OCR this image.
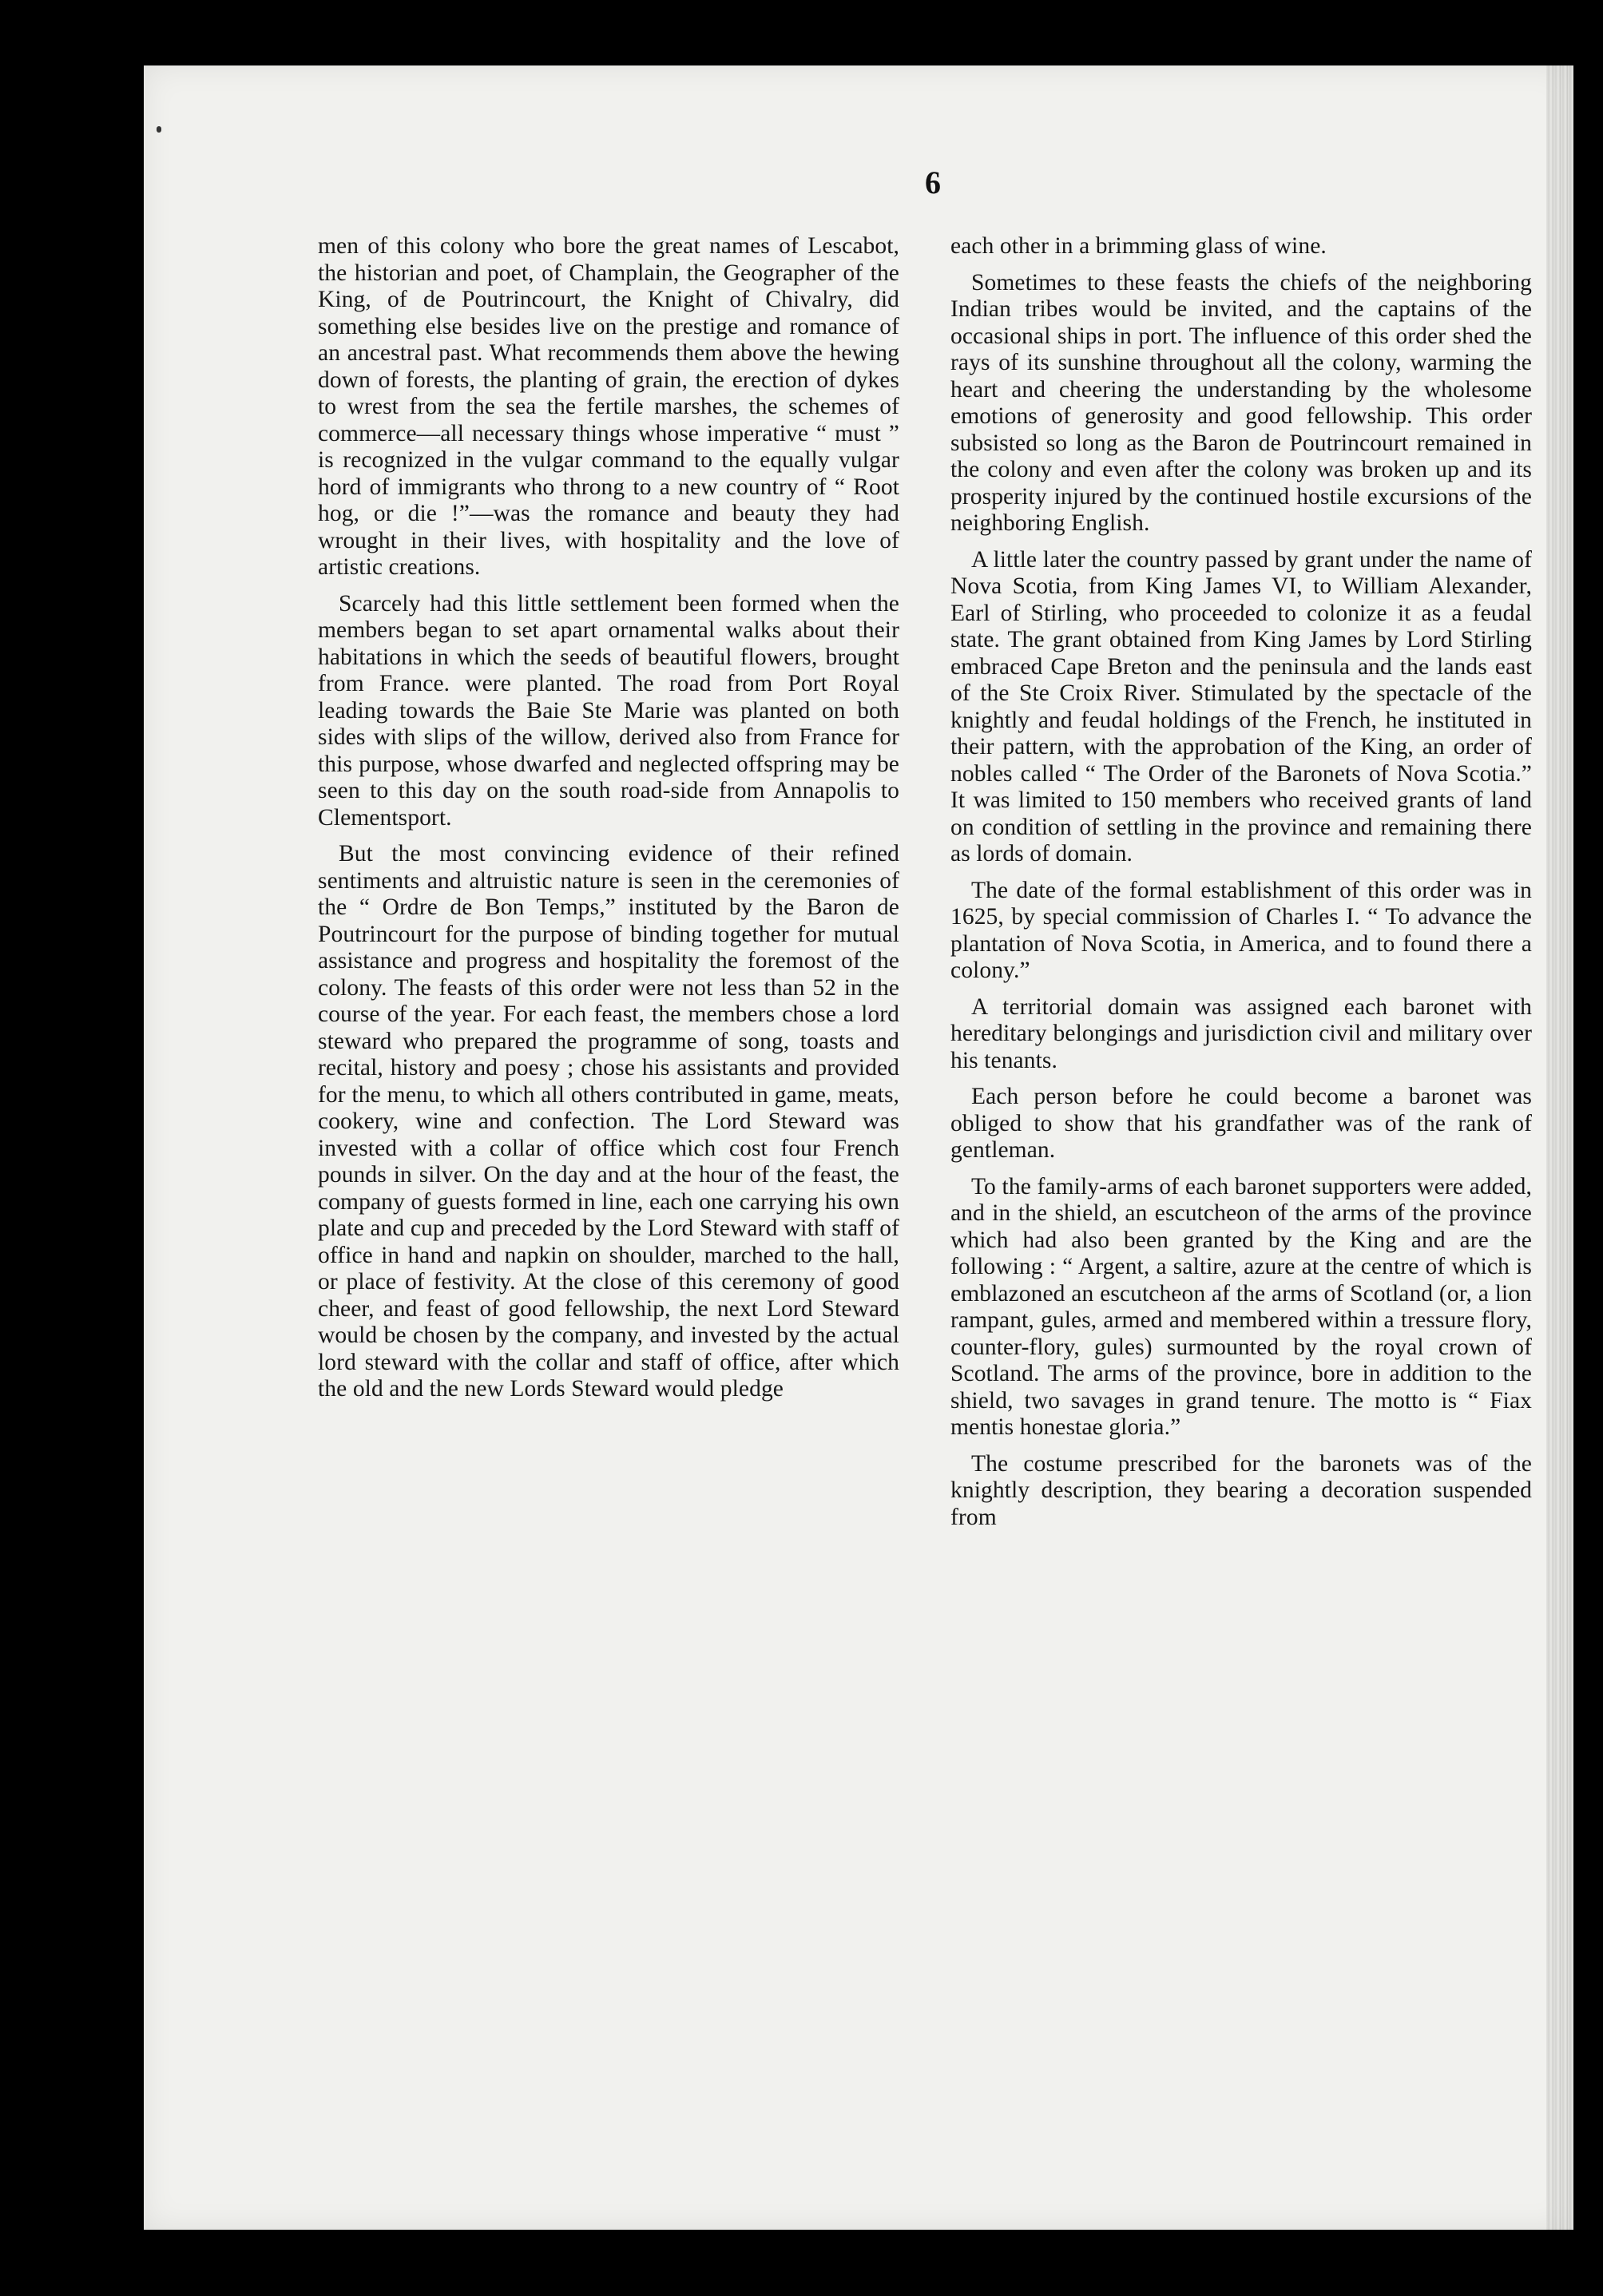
6

men of this colony who bore the great names of Lescabot, the historian and poet, of Champlain, the Geographer of the King, of de Poutrincourt, the Knight of Chivalry, did something else besides live on the prestige and romance of an ancestral past. What recommends them above the hewing down of forests, the planting of grain, the erection of dykes to wrest from the sea the fertile marshes, the schemes of commerce—all necessary things whose imperative “ must ” is recognized in the vulgar command to the equally vulgar hord of immigrants who throng to a new country of “ Root hog, or die !”—was the romance and beauty they had wrought in their lives, with hospitality and the love of artistic creations.

Scarcely had this little settlement been formed when the members began to set apart ornamental walks about their habitations in which the seeds of beautiful flowers, brought from France. were planted. The road from Port Royal leading towards the Baie Ste Marie was planted on both sides with slips of the willow, derived also from France for this purpose, whose dwarfed and neglected offspring may be seen to this day on the south road-side from Annapolis to Clementsport.

But the most convincing evidence of their refined sentiments and altruistic nature is seen in the ceremonies of the “ Ordre de Bon Temps,” instituted by the Baron de Poutrincourt for the purpose of binding together for mutual assistance and progress and hospitality the foremost of the colony. The feasts of this order were not less than 52 in the course of the year. For each feast, the members chose a lord steward who prepared the programme of song, toasts and recital, history and poesy ; chose his assistants and provided for the menu, to which all others contributed in game, meats, cookery, wine and confection. The Lord Steward was invested with a collar of office which cost four French pounds in silver. On the day and at the hour of the feast, the company of guests formed in line, each one carrying his own plate and cup and preceded by the Lord Steward with staff of office in hand and napkin on shoulder, marched to the hall, or place of festivity. At the close of this ceremony of good cheer, and feast of good fellowship, the next Lord Steward would be chosen by the company, and invested by the actual lord steward with the collar and staff of office, after which the old and the new Lords Steward would pledge

each other in a brimming glass of wine.

Sometimes to these feasts the chiefs of the neighboring Indian tribes would be invited, and the captains of the occasional ships in port. The influence of this order shed the rays of its sunshine throughout all the colony, warming the heart and cheering the understanding by the wholesome emotions of generosity and good fellowship. This order subsisted so long as the Baron de Poutrincourt remained in the colony and even after the colony was broken up and its prosperity injured by the continued hostile excursions of the neighboring English.

A little later the country passed by grant under the name of Nova Scotia, from King James VI, to William Alexander, Earl of Stirling, who proceeded to colonize it as a feudal state. The grant obtained from King James by Lord Stirling embraced Cape Breton and the peninsula and the lands east of the Ste Croix River. Stimulated by the spectacle of the knightly and feudal holdings of the French, he instituted in their pattern, with the approbation of the King, an order of nobles called “ The Order of the Baronets of Nova Scotia.” It was limited to 150 members who received grants of land on condition of settling in the province and remaining there as lords of domain.

The date of the formal establishment of this order was in 1625, by special commission of Charles I. “ To advance the plantation of Nova Scotia, in America, and to found there a colony.”

A territorial domain was assigned each baronet with hereditary belongings and jurisdiction civil and military over his tenants.

Each person before he could become a baronet was obliged to show that his grandfather was of the rank of gentleman.

To the family-arms of each baronet supporters were added, and in the shield, an escutcheon of the arms of the province which had also been granted by the King and are the following : “ Argent, a saltire, azure at the centre of which is emblazoned an escutcheon af the arms of Scotland (or, a lion rampant, gules, armed and membered within a tressure flory, counter-flory, gules) surmounted by the royal crown of Scotland. The arms of the province, bore in addition to the shield, two savages in grand tenure. The motto is “ Fiax mentis honestae gloria.”

The costume prescribed for the baronets was of the knightly description, they bearing a decoration suspended from
